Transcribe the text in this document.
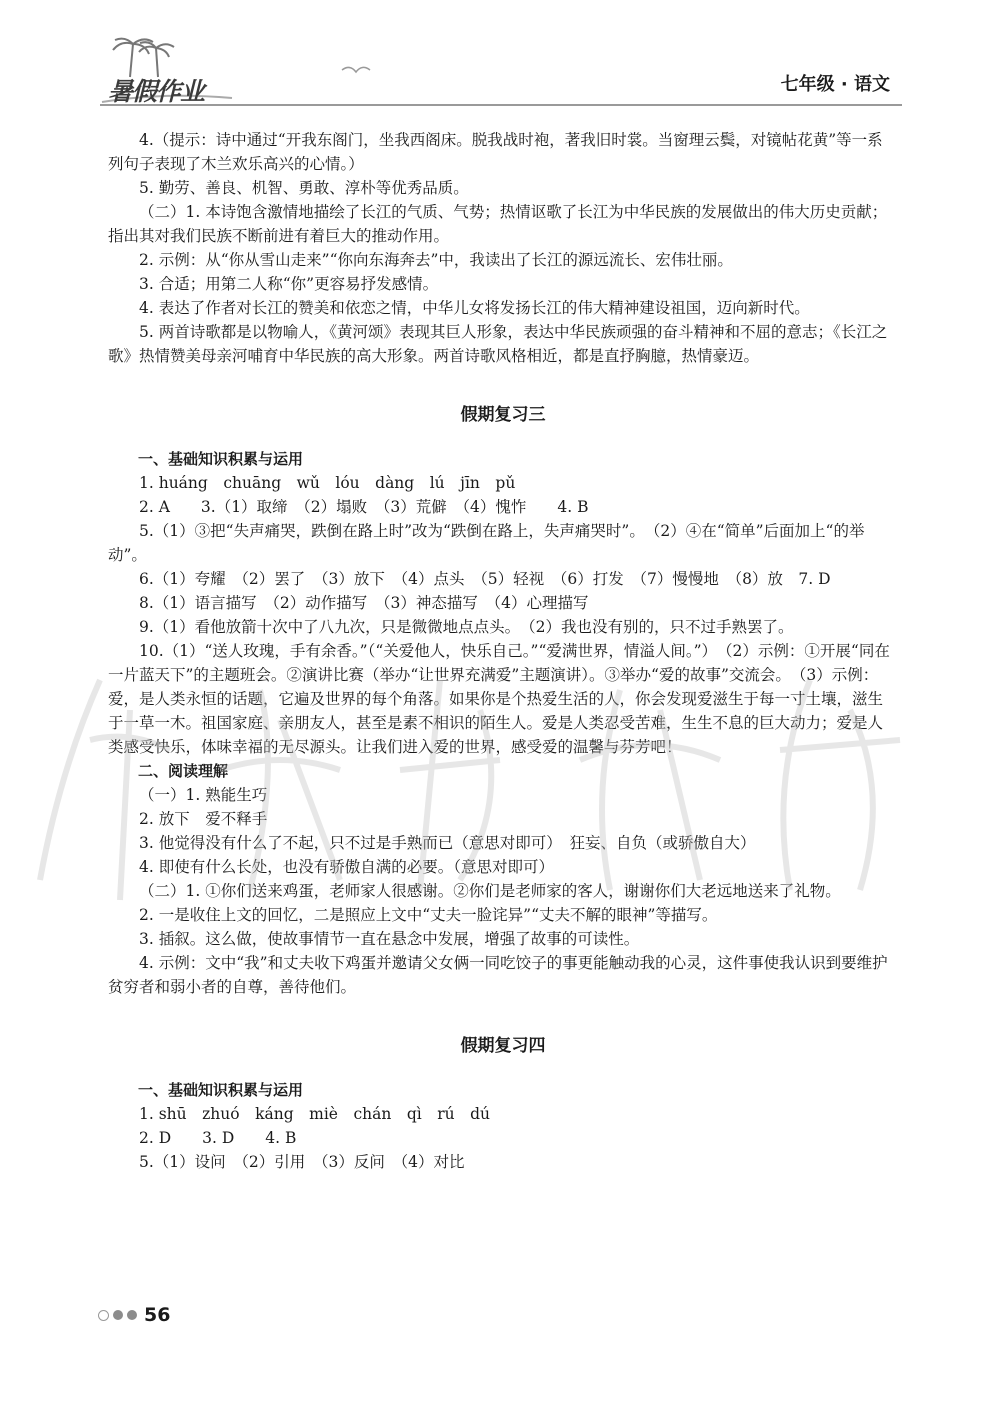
暑假作业	七年级 · 语文

4.（提示：诗中通过“开我东阁门，坐我西阁床。脱我战时袍，著我旧时裳。当窗理云鬓，对镜帖花黄”等一系列句子表现了木兰欢乐高兴的心情。）

5. 勤劳、善良、机智、勇敢、淳朴等优秀品质。

（二）1. 本诗饱含激情地描绘了长江的气质、气势；热情讴歌了长江为中华民族的发展做出的伟大历史贡献；指出其对我们民族不断前进有着巨大的推动作用。

2. 示例：从“你从雪山走来”“你向东海奔去”中，我读出了长江的源远流长、宏伟壮丽。

3. 合适；用第二人称“你”更容易抒发感情。

4. 表达了作者对长江的赞美和依恋之情，中华儿女将发扬长江的伟大精神建设祖国，迈向新时代。

5. 两首诗歌都是以物喻人，《黄河颂》表现其巨人形象，表达中华民族顽强的奋斗精神和不屈的意志；《长江之歌》热情赞美母亲河哺育中华民族的高大形象。两首诗歌风格相近，都是直抒胸臆，热情豪迈。

假期复习三

一、基础知识积累与运用

1. huáng　chuāng　wǔ　lóu　dàng　lú　jīn　pǔ

2. A　　3.（1）取缔　（2）塌败　（3）荒僻　（4）愧怍　　4. B

5.（1）③把“失声痛哭，跌倒在路上时”改为“跌倒在路上，失声痛哭时”。　（2）④在“简单”后面加上“的举动”。

6.（1）夸耀　（2）罢了　（3）放下　（4）点头　（5）轻视　（6）打发　（7）慢慢地　（8）放　7. D

8.（1）语言描写　（2）动作描写　（3）神态描写　（4）心理描写

9.（1）看他放箭十次中了八九次，只是微微地点点头。　（2）我也没有别的，只不过手熟罢了。

10.（1）“送人玫瑰，手有余香。”（“关爱他人，快乐自己。”“爱满世界，情溢人间。”）　（2）示例：①开展“同在一片蓝天下”的主题班会。②演讲比赛（举办“让世界充满爱”主题演讲）。③举办“爱的故事”交流会。　（3）示例：爱，是人类永恒的话题，它遍及世界的每个角落。如果你是个热爱生活的人，你会发现爱滋生于每一寸土壤，滋生于一草一木。祖国家庭、亲朋友人，甚至是素不相识的陌生人。爱是人类忍受苦难，生生不息的巨大动力；爱是人类感受快乐，体味幸福的无尽源头。让我们进入爱的世界，感受爱的温馨与芬芳吧！

二、阅读理解

（一）1. 熟能生巧

2. 放下　爱不释手

3. 他觉得没有什么了不起，只不过是手熟而已（意思对即可）　狂妄、自负（或骄傲自大）

4. 即使有什么长处，也没有骄傲自满的必要。（意思对即可）

（二）1. ①你们送来鸡蛋，老师家人很感谢。②你们是老师家的客人，谢谢你们大老远地送来了礼物。

2. 一是收住上文的回忆，二是照应上文中“丈夫一脸诧异”“丈夫不解的眼神”等描写。

3. 插叙。这么做，使故事情节一直在悬念中发展，增强了故事的可读性。

4. 示例：文中“我”和丈夫收下鸡蛋并邀请父女俩一同吃饺子的事更能触动我的心灵，这件事使我认识到要维护贫穷者和弱小者的自尊，善待他们。

假期复习四

一、基础知识积累与运用

1. shū　zhuó　káng　miè　chán　qì　rú　dú

2. D　　3. D　　4. B

5.（1）设问　（2）引用　（3）反问　（4）对比

56
